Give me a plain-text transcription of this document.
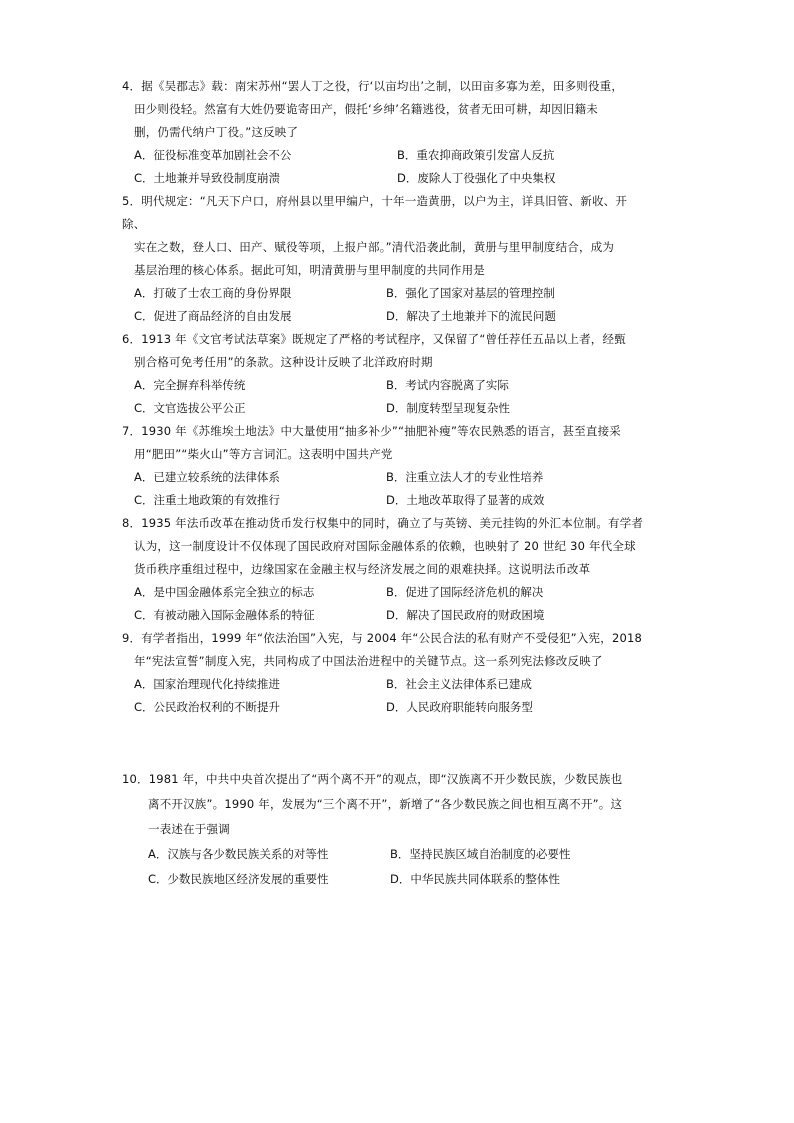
4．据《吴郡志》载：南宋苏州“罢人丁之役，行‘以亩均出’之制，以田亩多寡为差，田多则役重，
田少则役轻。然富有大姓仍要诡寄田产，假托‘乡绅’名籍逃役，贫者无田可耕，却因旧籍未
删，仍需代纳户丁役。”这反映了
A．征役标准变革加剧社会不公	B．重农抑商政策引发富人反抗
C．土地兼并导致役制度崩溃	D．废除人丁役强化了中央集权
5．明代规定：“凡天下户口，府州县以里甲编户，十年一造黄册，以户为主，详具旧管、新收、开
除、
实在之数，登人口、田产、赋役等项，上报户部。”清代沿袭此制，黄册与里甲制度结合，成为
基层治理的核心体系。据此可知，明清黄册与里甲制度的共同作用是
A．打破了士农工商的身份界限	B．强化了国家对基层的管理控制
C．促进了商品经济的自由发展	D．解决了土地兼并下的流民问题
6．1913 年《文官考试法草案》既规定了严格的考试程序，又保留了“曾任荐任五品以上者，经甄
别合格可免考任用”的条款。这种设计反映了北洋政府时期
A．完全摒弃科举传统	B．考试内容脱离了实际
C．文官选拔公平公正	D．制度转型呈现复杂性
7．1930 年《苏维埃土地法》中大量使用“抽多补少”“抽肥补瘦”等农民熟悉的语言，甚至直接采
用“肥田”“柴火山”等方言词汇。这表明中国共产党
A．已建立较系统的法律体系	B．注重立法人才的专业性培养
C．注重土地政策的有效推行	D．土地改革取得了显著的成效
8．1935 年法币改革在推动货币发行权集中的同时，确立了与英镑、美元挂钩的外汇本位制。有学者
认为，这一制度设计不仅体现了国民政府对国际金融体系的依赖，也映射了 20 世纪 30 年代全球
货币秩序重组过程中，边缘国家在金融主权与经济发展之间的艰难抉择。这说明法币改革
A．是中国金融体系完全独立的标志	B．促进了国际经济危机的解决
C．有被动融入国际金融体系的特征	D．解决了国民政府的财政困境
9．有学者指出，1999 年“依法治国”入宪，与 2004 年“公民合法的私有财产不受侵犯”入宪，2018
年“宪法宣誓”制度入宪，共同构成了中国法治进程中的关键节点。这一系列宪法修改反映了
A．国家治理现代化持续推进	B．社会主义法律体系已建成
C．公民政治权利的不断提升	D．人民政府职能转向服务型
10．1981 年，中共中央首次提出了“两个离不开”的观点，即“汉族离不开少数民族，少数民族也
离不开汉族”。1990 年，发展为“三个离不开”，新增了“各少数民族之间也相互离不开”。这
一表述在于强调
A．汉族与各少数民族关系的对等性	B．坚持民族区域自治制度的必要性
C．少数民族地区经济发展的重要性	D．中华民族共同体联系的整体性
